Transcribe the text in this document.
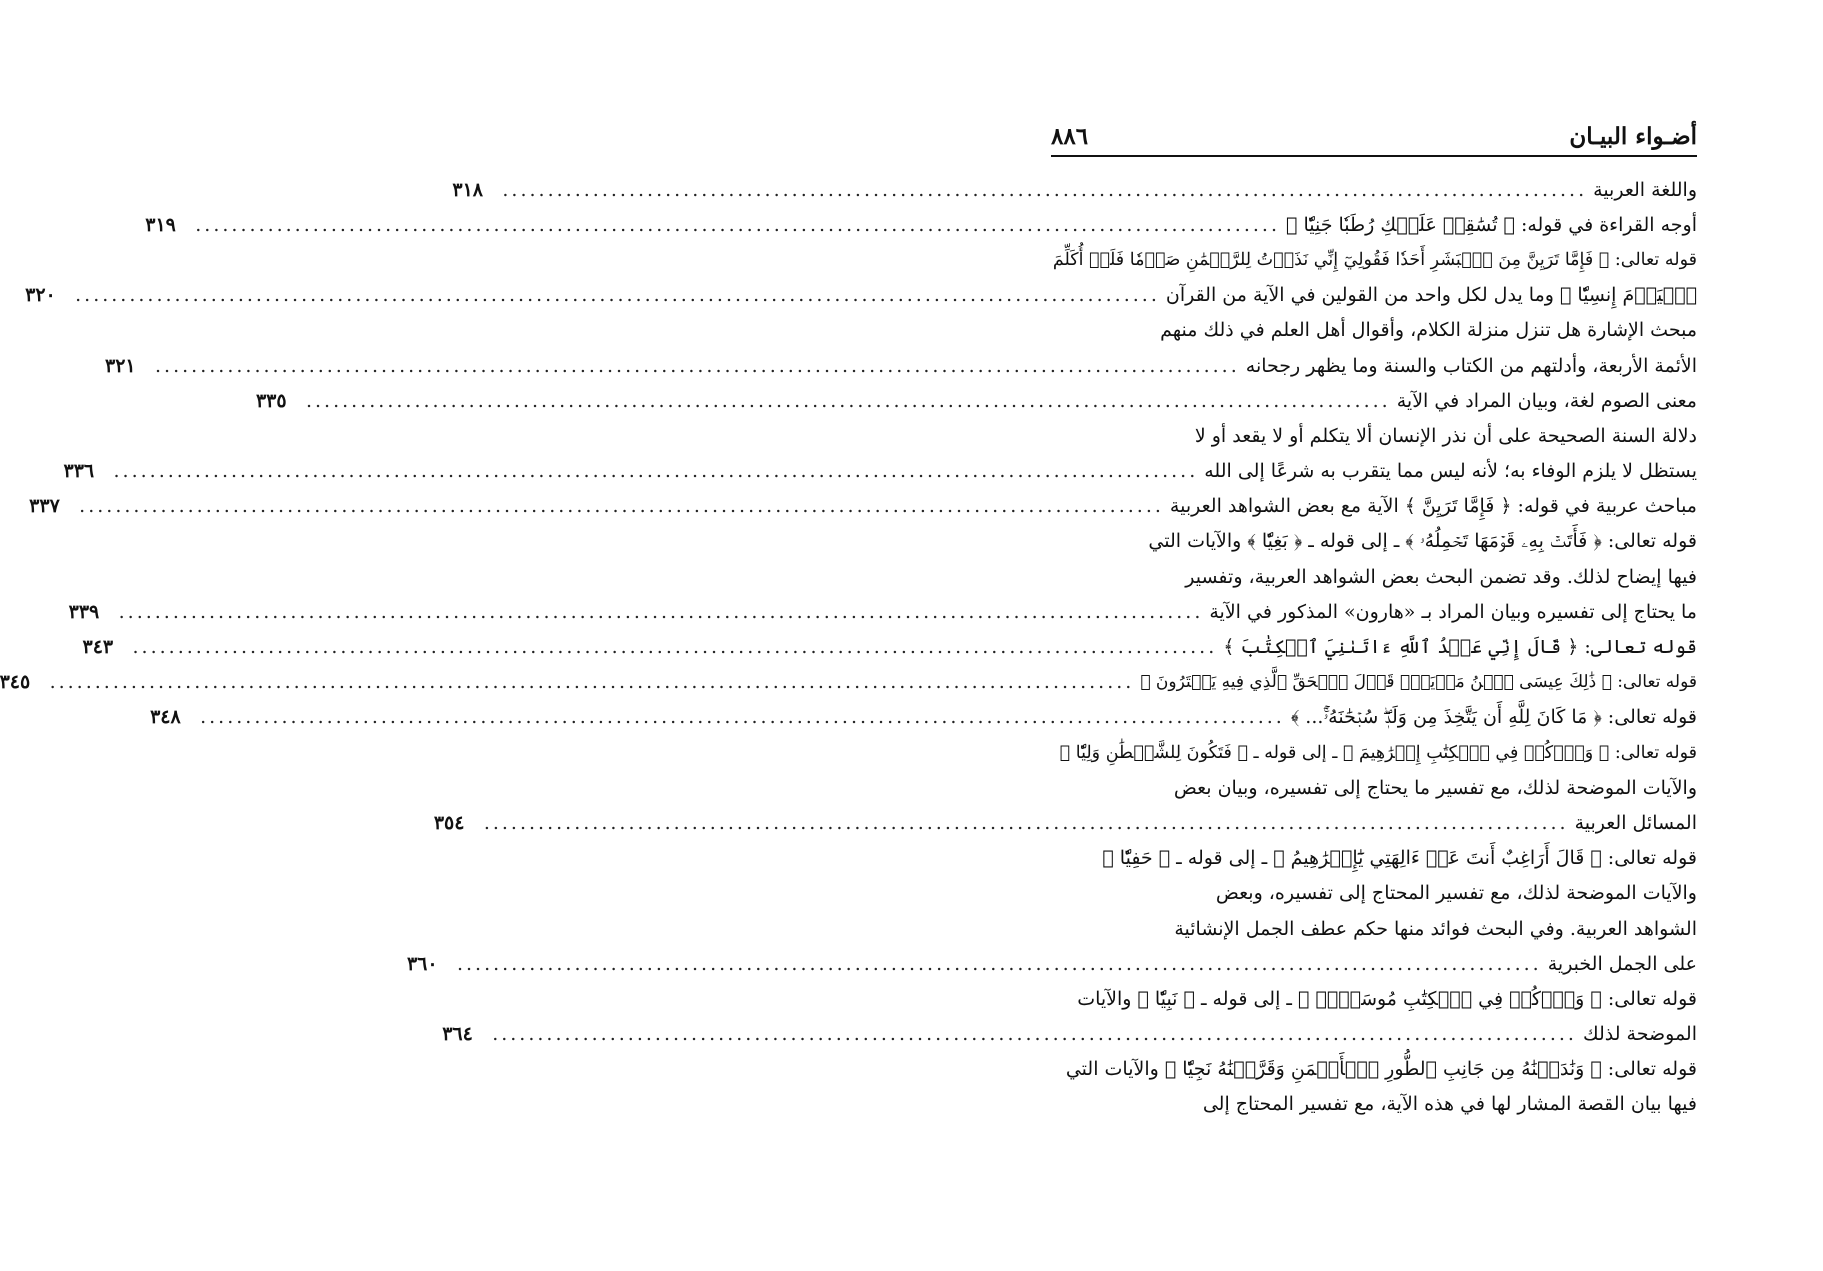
أضـواء البيـان
٨٨٦
واللغة العربية
........................................................................................................................
٣١٨
أوجه القراءة في قوله: ﴿ تُسَٰقِطۡ عَلَيۡكِ رُطَبٗا جَنِيّٗا ﴾
........................................................................................................................
٣١٩
قوله تعالى: ﴿ فَإِمَّا تَرَيِنَّ مِنَ ٱلۡبَشَرِ أَحَدٗا فَقُولِيٓ إِنِّي نَذَرۡتُ لِلرَّحۡمَٰنِ صَوۡمٗا فَلَنۡ أُكَلِّمَ
ٱلۡيَوۡمَ إِنسِيّٗا ﴾ وما يدل لكل واحد من القولين في الآية من القرآن
........................................................................................................................
٣٢٠
مبحث الإشارة هل تنزل منزلة الكلام، وأقوال أهل العلم في ذلك منهم
الأئمة الأربعة، وأدلتهم من الكتاب والسنة وما يظهر رجحانه
........................................................................................................................
٣٢١
معنى الصوم لغة، وبيان المراد في الآية
........................................................................................................................
٣٣٥
دلالة السنة الصحيحة على أن نذر الإنسان ألا يتكلم أو لا يقعد أو لا
يستظل لا يلزم الوفاء به؛ لأنه ليس مما يتقرب به شرعًا إلى الله
........................................................................................................................
٣٣٦
مباحث عربية في قوله: ﴿ فَإِمَّا تَرَيِنَّ ﴾ الآية مع بعض الشواهد العربية
........................................................................................................................
٣٣٧
قوله تعالى: ﴿ فَأَتَتۡ بِهِۦ قَوۡمَهَا تَحۡمِلُهُۥ ﴾ ـ إلى قوله ـ ﴿ بَغِيّٗا ﴾ والآيات التي
فيها إيضاح لذلك. وقد تضمن البحث بعض الشواهد العربية، وتفسير
ما يحتاج إلى تفسيره وبيان المراد بـ «هارون» المذكور في الآية
........................................................................................................................
٣٣٩
قوله تعالى: ﴿ قَالَ إِنِّي عَبۡدُ ٱللَّهِ ءَاتَىٰنِيَ ٱلۡكِتَٰبَ ﴾
........................................................................................................................
٣٤٣
قوله تعالى: ﴿ ذَٰلِكَ عِيسَى ٱبۡنُ مَرۡيَمَۖ قَوۡلَ ٱلۡحَقِّ ٱلَّذِي فِيهِ يَمۡتَرُونَ ﴾
........................................................................................................................
٣٤٥
قوله تعالى: ﴿ مَا كَانَ لِلَّهِ أَن يَتَّخِذَ مِن وَلَدٖۖ سُبۡحَٰنَهُۥٓۚ... ﴾
........................................................................................................................
٣٤٨
قوله تعالى: ﴿ وَٱذۡكُرۡ فِي ٱلۡكِتَٰبِ إِبۡرَٰهِيمَ ﴾ ـ إلى قوله ـ ﴿ فَتَكُونَ لِلشَّيۡطَٰنِ وَلِيّٗا ﴾
والآيات الموضحة لذلك، مع تفسير ما يحتاج إلى تفسيره، وبيان بعض
المسائل العربية
........................................................................................................................
٣٥٤
قوله تعالى: ﴿ قَالَ أَرَاغِبٌ أَنتَ عَنۡ ءَالِهَتِي يَٰٓإِبۡرَٰهِيمُ ﴾ ـ إلى قوله ـ ﴿ حَفِيّٗا ﴾
والآيات الموضحة لذلك، مع تفسير المحتاج إلى تفسيره، وبعض
الشواهد العربية. وفي البحث فوائد منها حكم عطف الجمل الإنشائية
على الجمل الخبرية
........................................................................................................................
٣٦٠
قوله تعالى: ﴿ وَٱذۡكُرۡ فِي ٱلۡكِتَٰبِ مُوسَىٰٓۚ ﴾ ـ إلى قوله ـ ﴿ نَبِيّٗا ﴾ والآيات
الموضحة لذلك
........................................................................................................................
٣٦٤
قوله تعالى: ﴿ وَنَٰدَيۡنَٰهُ مِن جَانِبِ ٱلطُّورِ ٱلۡأَيۡمَنِ وَقَرَّبۡنَٰهُ نَجِيّٗا ﴾ والآيات التي
فيها بيان القصة المشار لها في هذه الآية، مع تفسير المحتاج إلى
